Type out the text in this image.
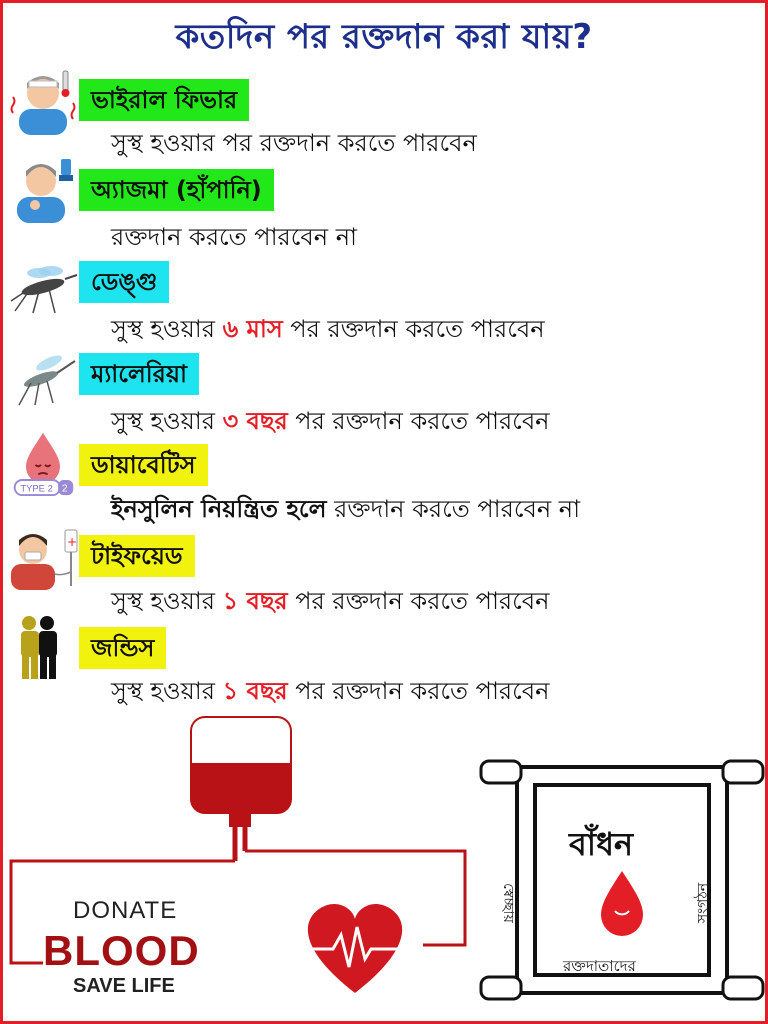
কতদিন পর রক্তদান করা যায়?
ভাইরাল ফিভার
সুস্থ হওয়ার পর রক্তদান করতে পারবেন
অ্যাজমা (হাঁপানি)
রক্তদান করতে পারবেন না
ডেঙ্গু
সুস্থ হওয়ার ৬ মাস পর রক্তদান করতে পারবেন
ম্যালেরিয়া
সুস্থ হওয়ার ৩ বছর পর রক্তদান করতে পারবেন
TYPE 2 2
ডায়াবেটিস
ইনসুলিন নিয়ন্ত্রিত হলে রক্তদান করতে পারবেন না
+ টাইফয়েড
সুস্থ হওয়ার ১ বছর পর রক্তদান করতে পারবেন
জন্ডিস
সুস্থ হওয়ার ১ বছর পর রক্তদান করতে পারবেন
DONATE
BLOOD
SAVE LIFE
বাঁধন
স্বেচ্ছায়	সংগঠন
রক্তদাতাদের
